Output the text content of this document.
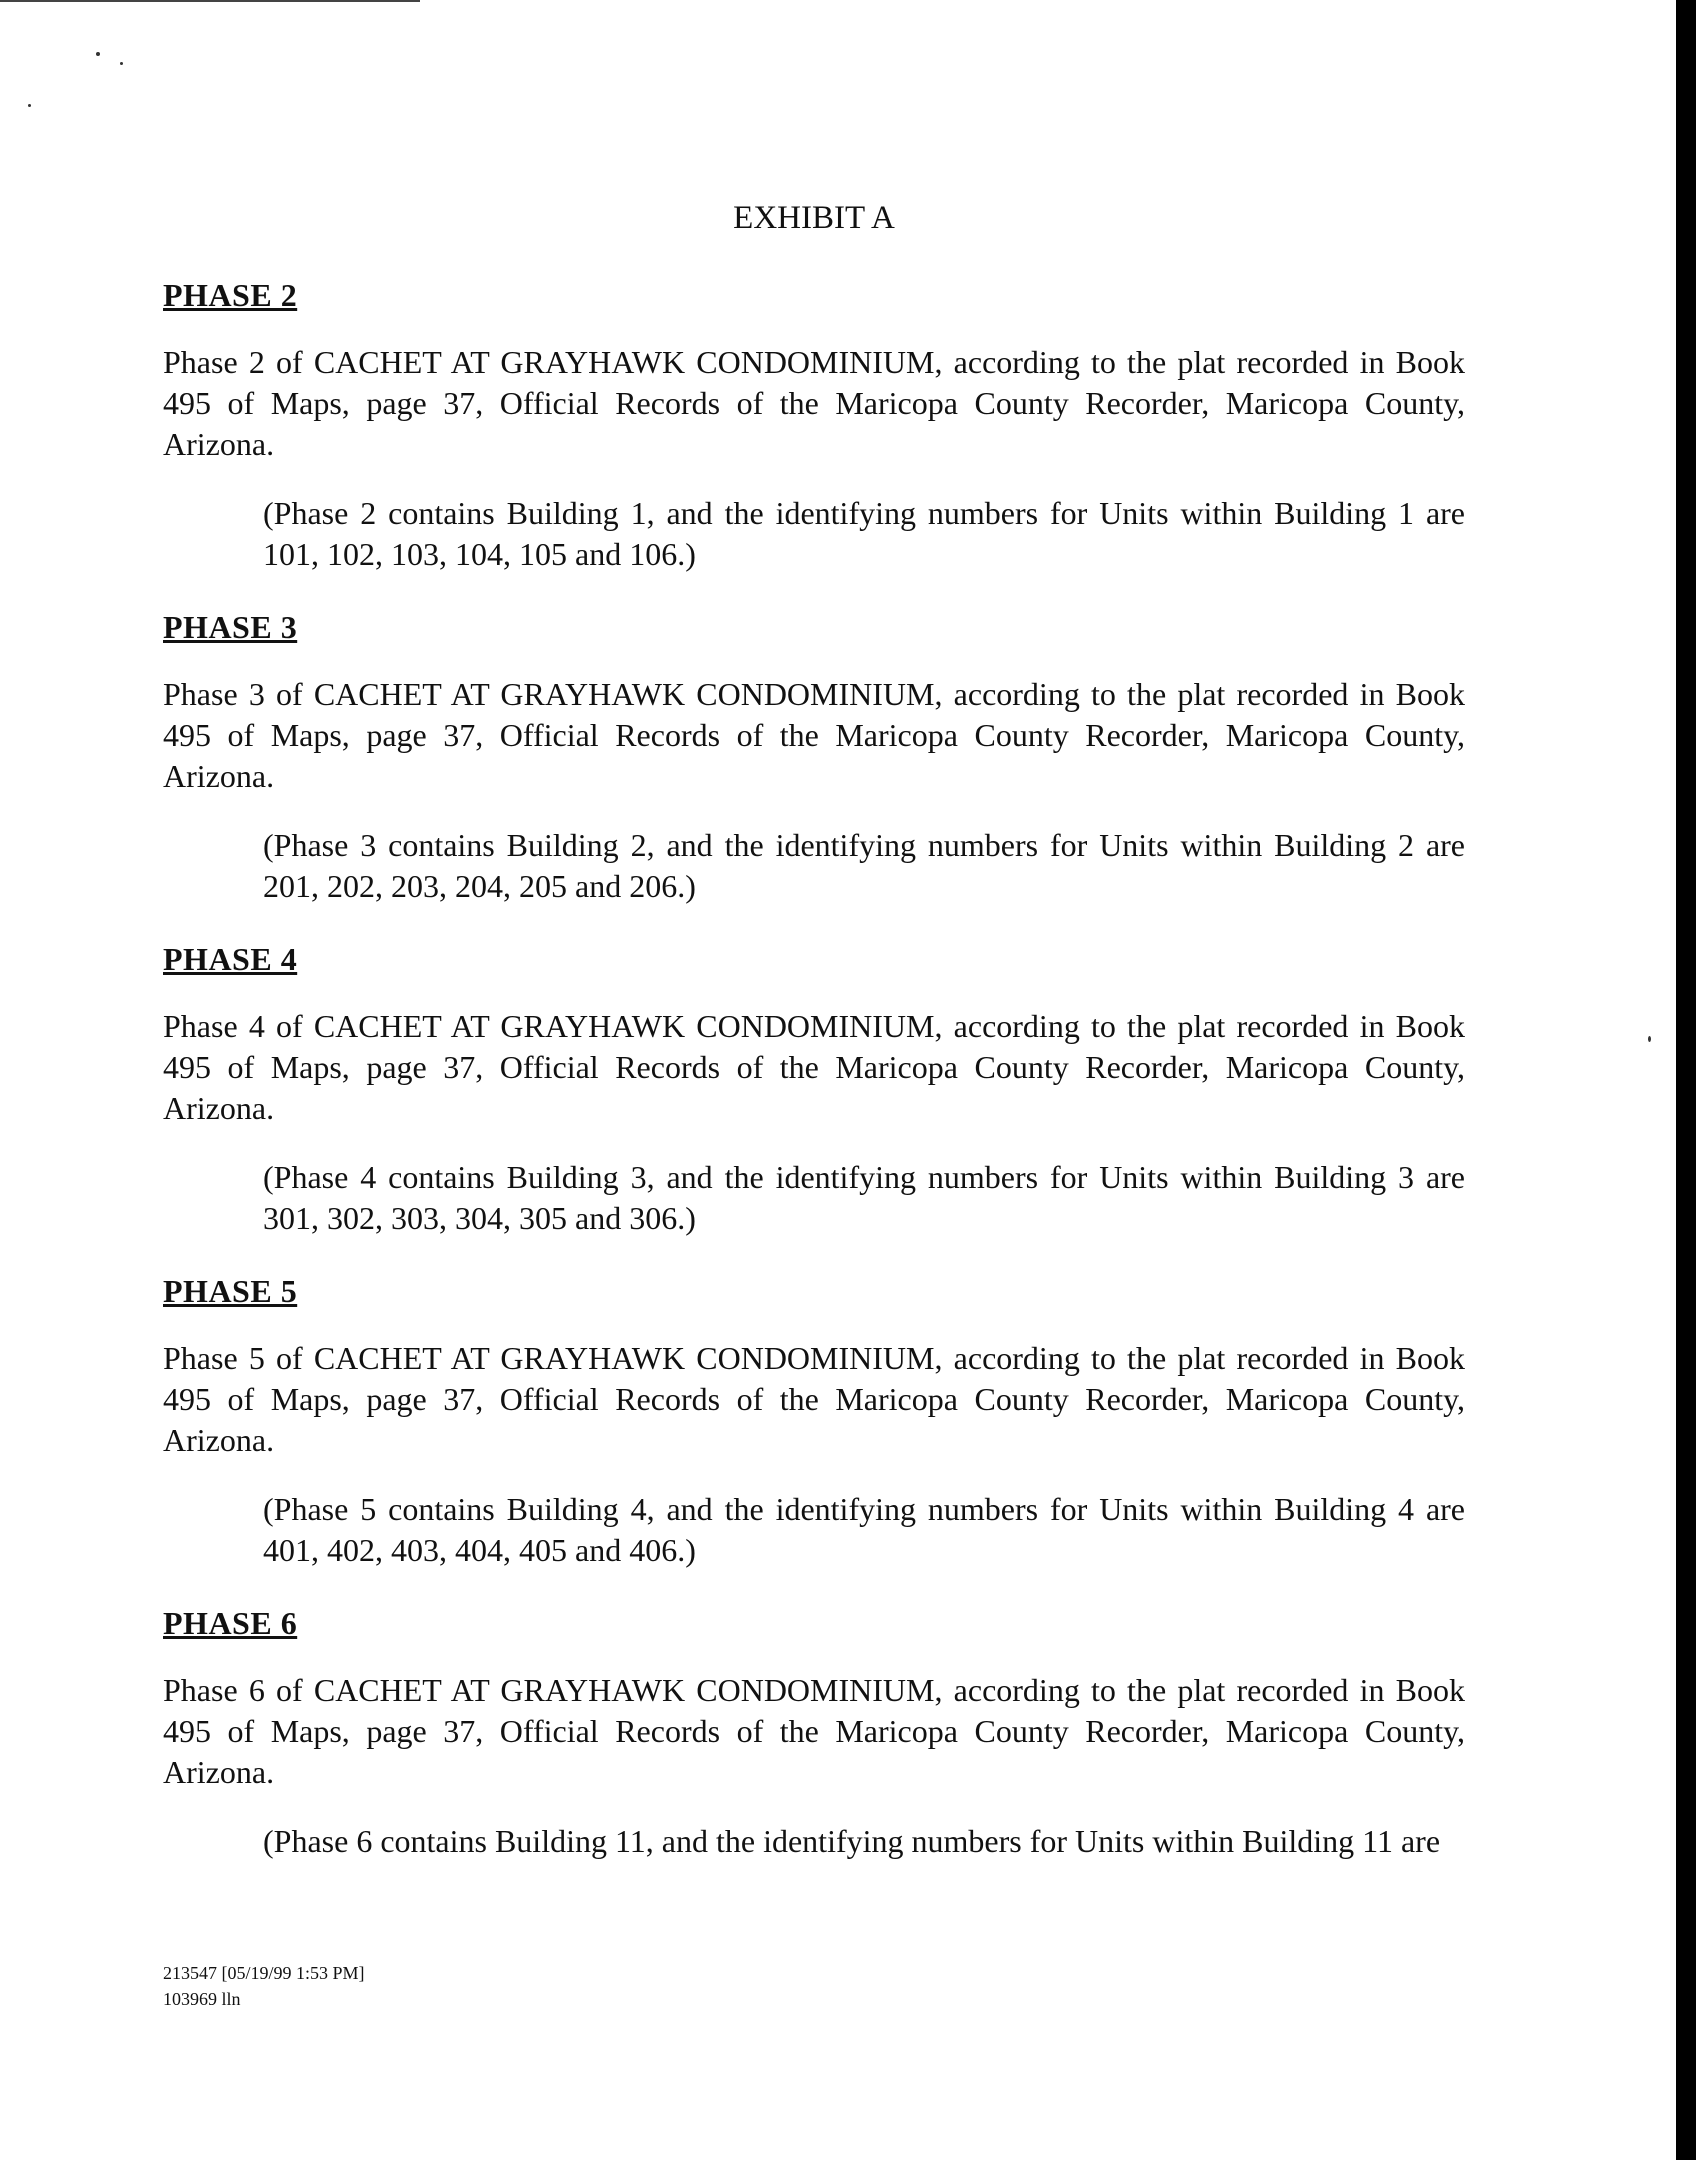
EXHIBIT A
PHASE 2
Phase 2 of CACHET AT GRAYHAWK CONDOMINIUM, according to the plat recorded in Book 495 of Maps, page 37, Official Records of the Maricopa County Recorder, Maricopa County, Arizona.
(Phase 2 contains Building 1, and the identifying numbers for Units within Building 1 are 101, 102, 103, 104, 105 and 106.)
PHASE 3
Phase 3 of CACHET AT GRAYHAWK CONDOMINIUM, according to the plat recorded in Book 495 of Maps, page 37, Official Records of the Maricopa County Recorder, Maricopa County, Arizona.
(Phase 3 contains Building 2, and the identifying numbers for Units within Building 2 are 201, 202, 203, 204, 205 and 206.)
PHASE 4
Phase 4 of CACHET AT GRAYHAWK CONDOMINIUM, according to the plat recorded in Book 495 of Maps, page 37, Official Records of the Maricopa County Recorder, Maricopa County, Arizona.
(Phase 4 contains Building 3, and the identifying numbers for Units within Building 3 are 301, 302, 303, 304, 305 and 306.)
PHASE 5
Phase 5 of CACHET AT GRAYHAWK CONDOMINIUM, according to the plat recorded in Book 495 of Maps, page 37, Official Records of the Maricopa County Recorder, Maricopa County, Arizona.
(Phase 5 contains Building 4, and the identifying numbers for Units within Building 4 are 401, 402, 403, 404, 405 and 406.)
PHASE 6
Phase 6 of CACHET AT GRAYHAWK CONDOMINIUM, according to the plat recorded in Book 495 of Maps, page 37, Official Records of the Maricopa County Recorder, Maricopa County, Arizona.
(Phase 6 contains Building 11, and the identifying numbers for Units within Building 11 are
213547 [05/19/99 1:53 PM]
103969 lln
